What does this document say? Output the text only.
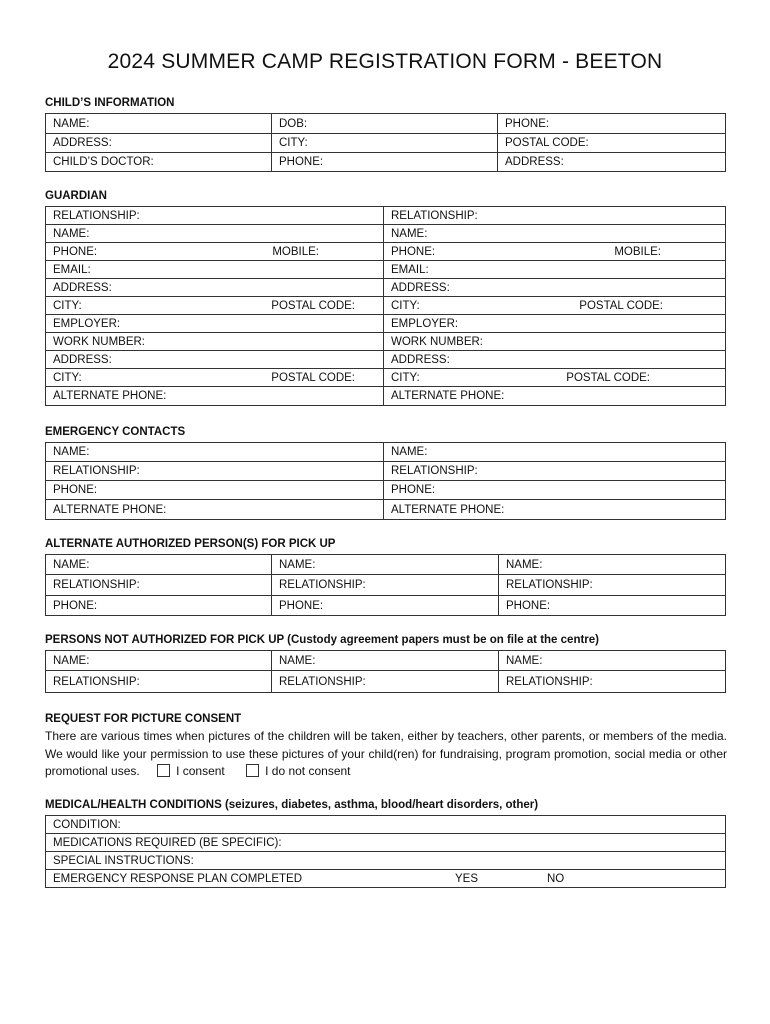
2024 SUMMER CAMP REGISTRATION FORM - BEETON
CHILD’S INFORMATION
NAME:	DOB:	PHONE:
ADDRESS:	CITY:	POSTAL CODE:
CHILD’S DOCTOR:	PHONE:	ADDRESS:
GUARDIAN
RELATIONSHIP:	RELATIONSHIP:
NAME:	NAME:

PHONE: MOBILE:	PHONE: MOBILE:

EMAIL:	EMAIL:
ADDRESS:	ADDRESS:

CITY: POSTAL CODE:	CITY: POSTAL CODE:

EMPLOYER:	EMPLOYER:
WORK NUMBER:	WORK NUMBER:
ADDRESS:	ADDRESS:

CITY: POSTAL CODE:	CITY: POSTAL CODE:

ALTERNATE PHONE:	ALTERNATE PHONE:
EMERGENCY CONTACTS
NAME:	NAME:
RELATIONSHIP:	RELATIONSHIP:
PHONE:	PHONE:
ALTERNATE PHONE:	ALTERNATE PHONE:
ALTERNATE AUTHORIZED PERSON(S) FOR PICK UP
NAME:	NAME:	NAME:
RELATIONSHIP:	RELATIONSHIP:	RELATIONSHIP:
PHONE:	PHONE:	PHONE:
PERSONS NOT AUTHORIZED FOR PICK UP (Custody agreement papers must be on file at the centre)
NAME:	NAME:	NAME:
RELATIONSHIP:	RELATIONSHIP:	RELATIONSHIP:
REQUEST FOR PICTURE CONSENT
There are various times when pictures of the children will be taken, either by teachers, other parents, or members of the media. We would like your permission to use these pictures of your child(ren) for fundraising, program promotion, social media or other promotional uses.	I consent	I do not consent
MEDICAL/HEALTH CONDITIONS (seizures, diabetes, asthma, blood/heart disorders, other)
CONDITION:
MEDICATIONS REQUIRED (BE SPECIFIC):
SPECIAL INSTRUCTIONS:

EMERGENCY RESPONSE PLAN COMPLETED	YES	NO
